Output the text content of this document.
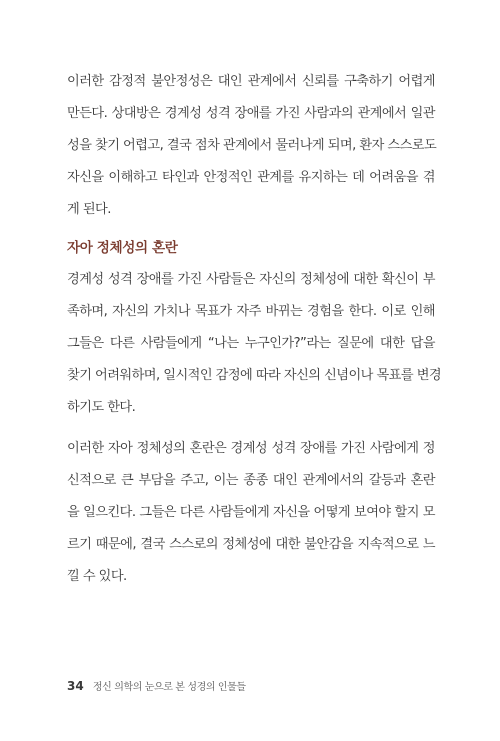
이러한 감정적 불안정성은 대인 관계에서 신뢰를 구축하기 어렵게
만든다. 상대방은 경계성 성격 장애를 가진 사람과의 관계에서 일관
성을 찾기 어렵고, 결국 점차 관계에서 물러나게 되며, 환자 스스로도
자신을 이해하고 타인과 안정적인 관계를 유지하는 데 어려움을 겪
게 된다.

자아 정체성의 혼란

경계성 성격 장애를 가진 사람들은 자신의 정체성에 대한 확신이 부
족하며, 자신의 가치나 목표가 자주 바뀌는 경험을 한다. 이로 인해
그들은 다른 사람들에게 “나는 누구인가?”라는 질문에 대한 답을
찾기 어려워하며, 일시적인 감정에 따라 자신의 신념이나 목표를 변경
하기도 한다.

이러한 자아 정체성의 혼란은 경계성 성격 장애를 가진 사람에게 정
신적으로 큰 부담을 주고, 이는 종종 대인 관계에서의 갈등과 혼란
을 일으킨다. 그들은 다른 사람들에게 자신을 어떻게 보여야 할지 모
르기 때문에, 결국 스스로의 정체성에 대한 불안감을 지속적으로 느
낄 수 있다.

34 정신 의학의 눈으로 본 성경의 인물들
